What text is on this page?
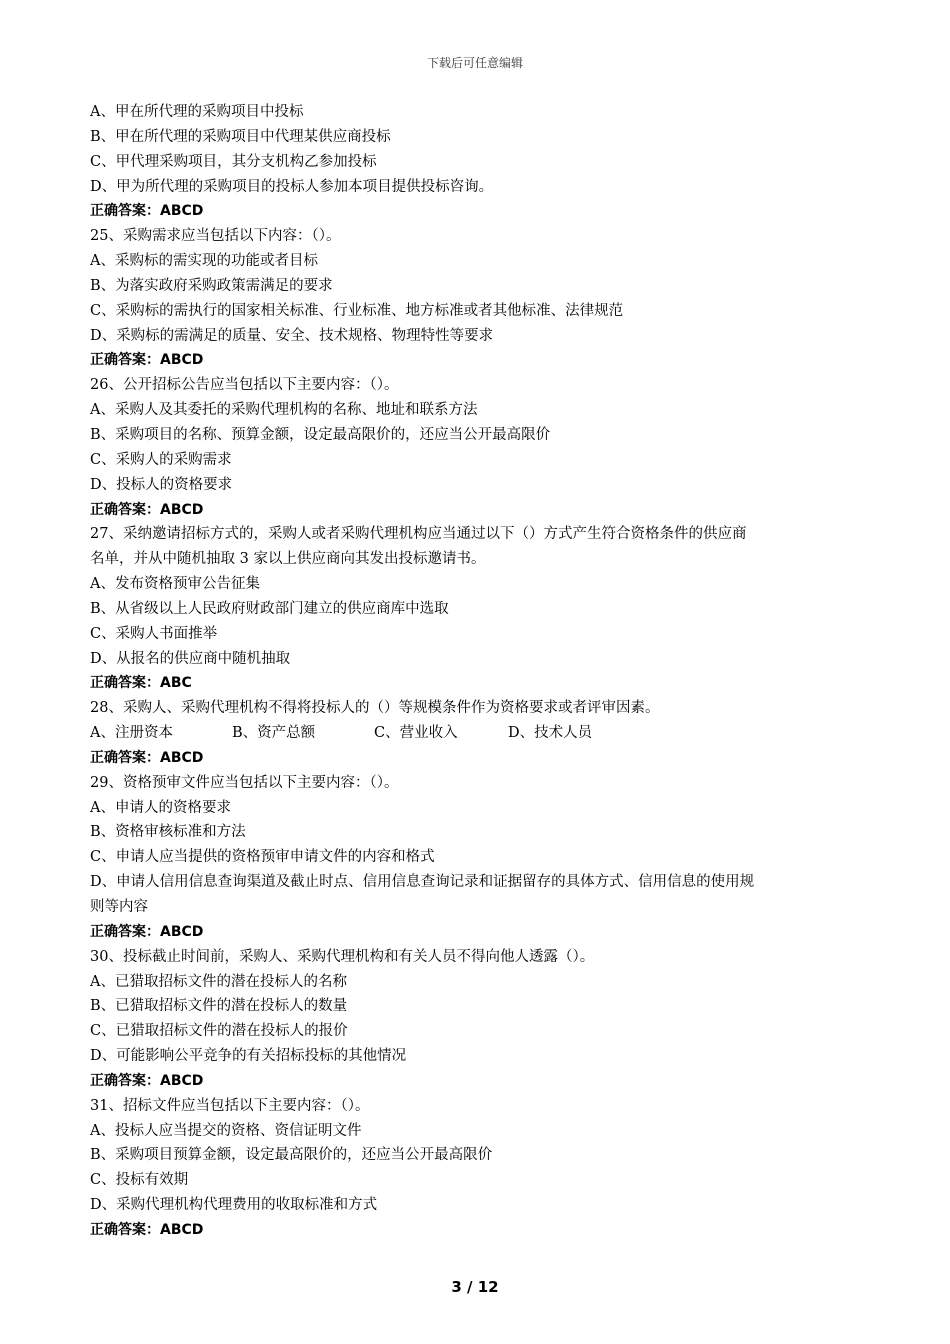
下载后可任意编辑
A、甲在所代理的采购项目中投标
B、甲在所代理的采购项目中代理某供应商投标
C、甲代理采购项目，其分支机构乙参加投标
D、甲为所代理的采购项目的投标人参加本项目提供投标咨询。
正确答案：ABCD
25、采购需求应当包括以下内容：（）。
A、采购标的需实现的功能或者目标
B、为落实政府采购政策需满足的要求
C、采购标的需执行的国家相关标准、行业标准、地方标准或者其他标准、法律规范
D、采购标的需满足的质量、安全、技术规格、物理特性等要求
正确答案：ABCD
26、公开招标公告应当包括以下主要内容：（）。
A、采购人及其委托的采购代理机构的名称、地址和联系方法
B、采购项目的名称、预算金额，设定最高限价的，还应当公开最高限价
C、采购人的采购需求
D、投标人的资格要求
正确答案：ABCD
27、采纳邀请招标方式的，采购人或者采购代理机构应当通过以下（）方式产生符合资格条件的供应商
名单，并从中随机抽取 3 家以上供应商向其发出投标邀请书。
A、发布资格预审公告征集
B、从省级以上人民政府财政部门建立的供应商库中选取
C、采购人书面推举
D、从报名的供应商中随机抽取
正确答案：ABC
28、采购人、采购代理机构不得将投标人的（）等规模条件作为资格要求或者评审因素。
A、注册资本	B、资产总额	C、营业收入	D、技术人员
正确答案：ABCD
29、资格预审文件应当包括以下主要内容：（）。
A、申请人的资格要求
B、资格审核标准和方法
C、申请人应当提供的资格预审申请文件的内容和格式
D、申请人信用信息查询渠道及截止时点、信用信息查询记录和证据留存的具体方式、信用信息的使用规
则等内容
正确答案：ABCD
30、投标截止时间前，采购人、采购代理机构和有关人员不得向他人透露（）。
A、已猎取招标文件的潜在投标人的名称
B、已猎取招标文件的潜在投标人的数量
C、已猎取招标文件的潜在投标人的报价
D、可能影响公平竞争的有关招标投标的其他情况
正确答案：ABCD
31、招标文件应当包括以下主要内容：（）。
A、投标人应当提交的资格、资信证明文件
B、采购项目预算金额，设定最高限价的，还应当公开最高限价
C、投标有效期
D、采购代理机构代理费用的收取标准和方式
正确答案：ABCD
3 / 12
